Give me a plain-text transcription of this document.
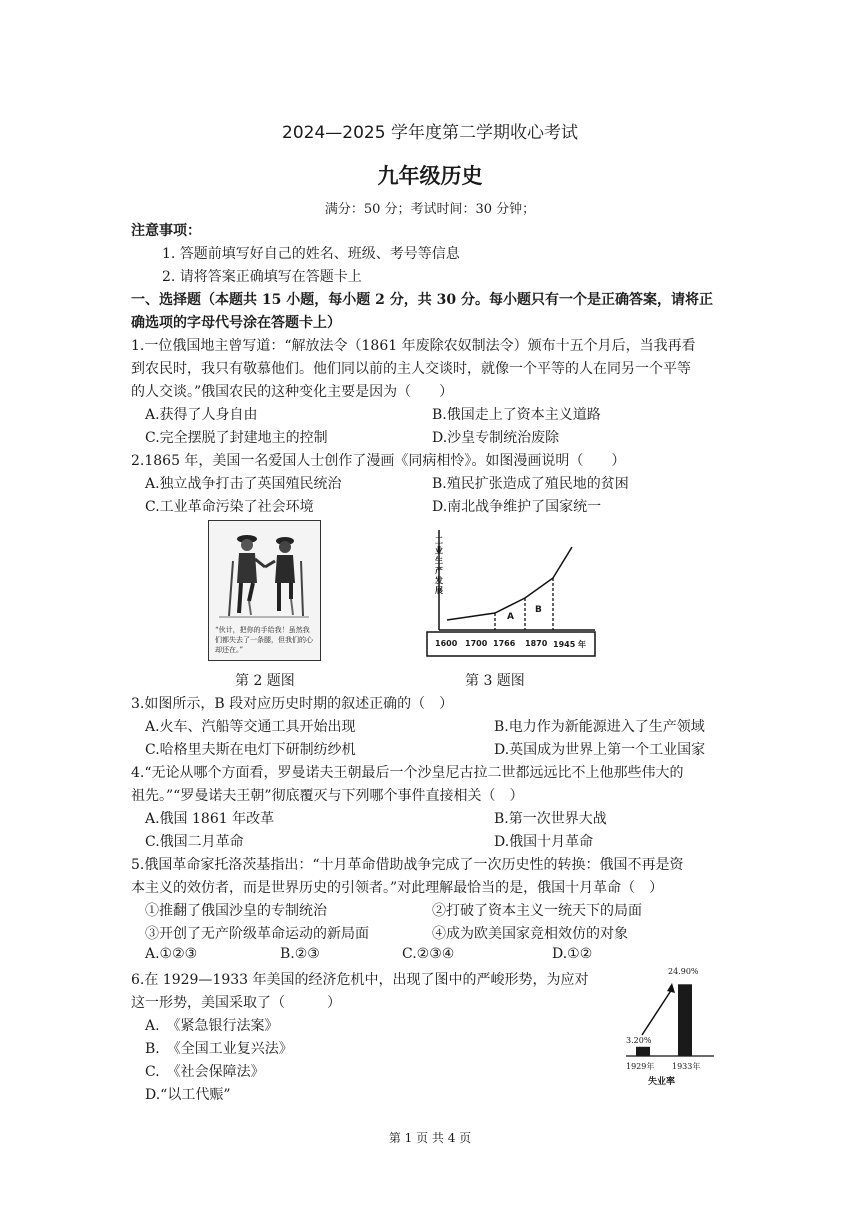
2024—2025 学年度第二学期收心考试
九年级历史
满分：50 分；考试时间：30 分钟；
注意事项：
1. 答题前填写好自己的姓名、班级、考号等信息
2. 请将答案正确填写在答题卡上
一、选择题（本题共 15 小题，每小题 2 分，共 30 分。每小题只有一个是正确答案，请将正
确选项的字母代号涂在答题卡上）
1.一位俄国地主曾写道：“解放法令（1861 年废除农奴制法令）颁布十五个月后，当我再看
到农民时，我只有敬慕他们。他们同以前的主人交谈时，就像一个平等的人在同另一个平等
的人交谈。”俄国农民的这种变化主要是因为（　　）
A.获得了人身自由	B.俄国走上了资本主义道路
C.完全摆脱了封建地主的控制	D.沙皇专制统治废除
2.1865 年，美国一名爱国人士创作了漫画《同病相怜》。如图漫画说明（　　）
A.独立战争打击了英国殖民统治	B.殖民扩张造成了殖民地的贫困
C.工业革命污染了社会环境	D.南北战争维护了国家统一
“伙计，把你的手给我！虽然我
们都失去了一条腿，但我们的心
却还在。”
第 2 题图
工
业
生
产
发
展
A
B
1600 1700 1766 1870 1945 年
第 3 题图
3.如图所示，B 段对应历史时期的叙述正确的（　）
A.火车、汽船等交通工具开始出现	B.电力作为新能源进入了生产领域
C.哈格里夫斯在电灯下研制纺纱机	D.英国成为世界上第一个工业国家
4.“无论从哪个方面看，罗曼诺夫王朝最后一个沙皇尼古拉二世都远远比不上他那些伟大的
祖先。”“罗曼诺夫王朝”彻底覆灭与下列哪个事件直接相关（　）
A.俄国 1861 年改革	B.第一次世界大战
C.俄国二月革命	D.俄国十月革命
5.俄国革命家托洛茨基指出：“十月革命借助战争完成了一次历史性的转换：俄国不再是资
本主义的效仿者，而是世界历史的引领者。”对此理解最恰当的是，俄国十月革命（　）
①推翻了俄国沙皇的专制统治	②打破了资本主义一统天下的局面
③开创了无产阶级革命运动的新局面	④成为欧美国家竞相效仿的对象
A.①②③	B.②③	C.②③④	D.①②
6.在 1929—1933 年美国的经济危机中，出现了图中的严峻形势，为应对
这一形势，美国采取了（　　　）
A.　《紧急银行法案》
B.　《全国工业复兴法》
C.　《社会保障法》
D.“以工代赈”
3.20%
24.90%
1929年 1933年
失业率
第 1 页 共 4 页
